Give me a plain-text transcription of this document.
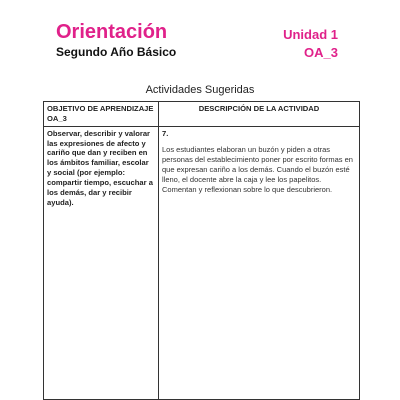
Orientación
Segundo Año Básico
Unidad 1
OA_3
Actividades Sugeridas
OBJETIVO DE APRENDIZAJE OA_3	DESCRIPCIÓN DE LA ACTIVIDAD
Observar, describir y valorar las expresiones de afecto y cariño que dan y reciben en los ámbitos familiar, escolar y social (por ejemplo: compartir tiempo, escuchar a los demás, dar y recibir ayuda).	7.
Los estudiantes elaboran un buzón y piden a otras personas del establecimiento poner por escrito formas en que expresan cariño a los demás. Cuando el buzón esté lleno, el docente abre la caja y lee los papelitos. Comentan y reflexionan sobre lo que descubrieron.
